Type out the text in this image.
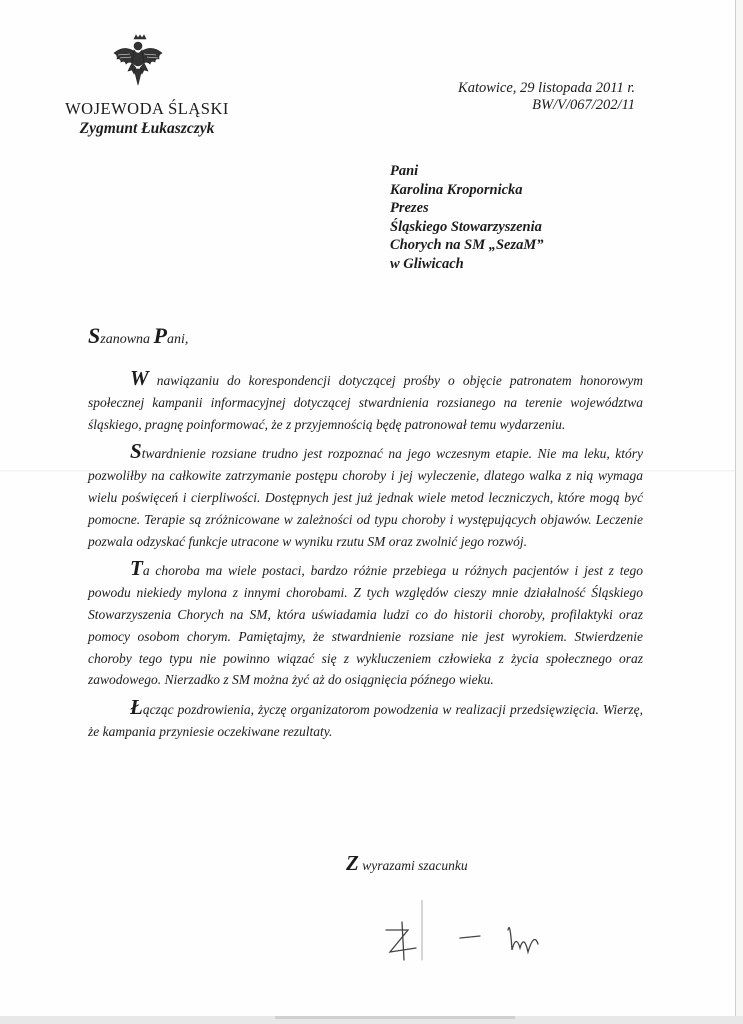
WOJEWODA ŚLĄSKI
Zygmunt Łukaszczyk
Katowice, 29 listopada 2011 r.
BW/V/067/202/11
Pani
Karolina Kropornicka
Prezes
Śląskiego Stowarzyszenia
Chorych na SM „SezaM”
w Gliwicach
Szanowna Pani,

W nawiązaniu do korespondencji dotyczącej prośby o objęcie patronatem honorowym społecznej kampanii informacyjnej dotyczącej stwardnienia rozsianego na terenie województwa śląskiego, pragnę poinformować, że z przyjemnością będę patronował temu wydarzeniu.

Stwardnienie rozsiane trudno jest rozpoznać na jego wczesnym etapie. Nie ma leku, który pozwoliłby na całkowite zatrzymanie postępu choroby i jej wyleczenie, dlatego walka z nią wymaga wielu poświęceń i cierpliwości. Dostępnych jest już jednak wiele metod leczniczych, które mogą być pomocne. Terapie są zróżnicowane w zależności od typu choroby i występujących objawów. Leczenie pozwala odzyskać funkcje utracone w wyniku rzutu SM oraz zwolnić jego rozwój.

Ta choroba ma wiele postaci, bardzo różnie przebiega u różnych pacjentów i jest z tego powodu niekiedy mylona z innymi chorobami. Z tych względów cieszy mnie działalność Śląskiego Stowarzyszenia Chorych na SM, która uświadamia ludzi co do historii choroby, profilaktyki oraz pomocy osobom chorym. Pamiętajmy, że stwardnienie rozsiane nie jest wyrokiem. Stwierdzenie choroby tego typu nie powinno wiązać się z wykluczeniem człowieka z życia społecznego oraz zawodowego. Nierzadko z SM można żyć aż do osiągnięcia późnego wieku.

Łącząc pozdrowienia, życzę organizatorom powodzenia w realizacji przedsięwzięcia. Wierzę, że kampania przyniesie oczekiwane rezultaty.

Z wyrazami szacunku
